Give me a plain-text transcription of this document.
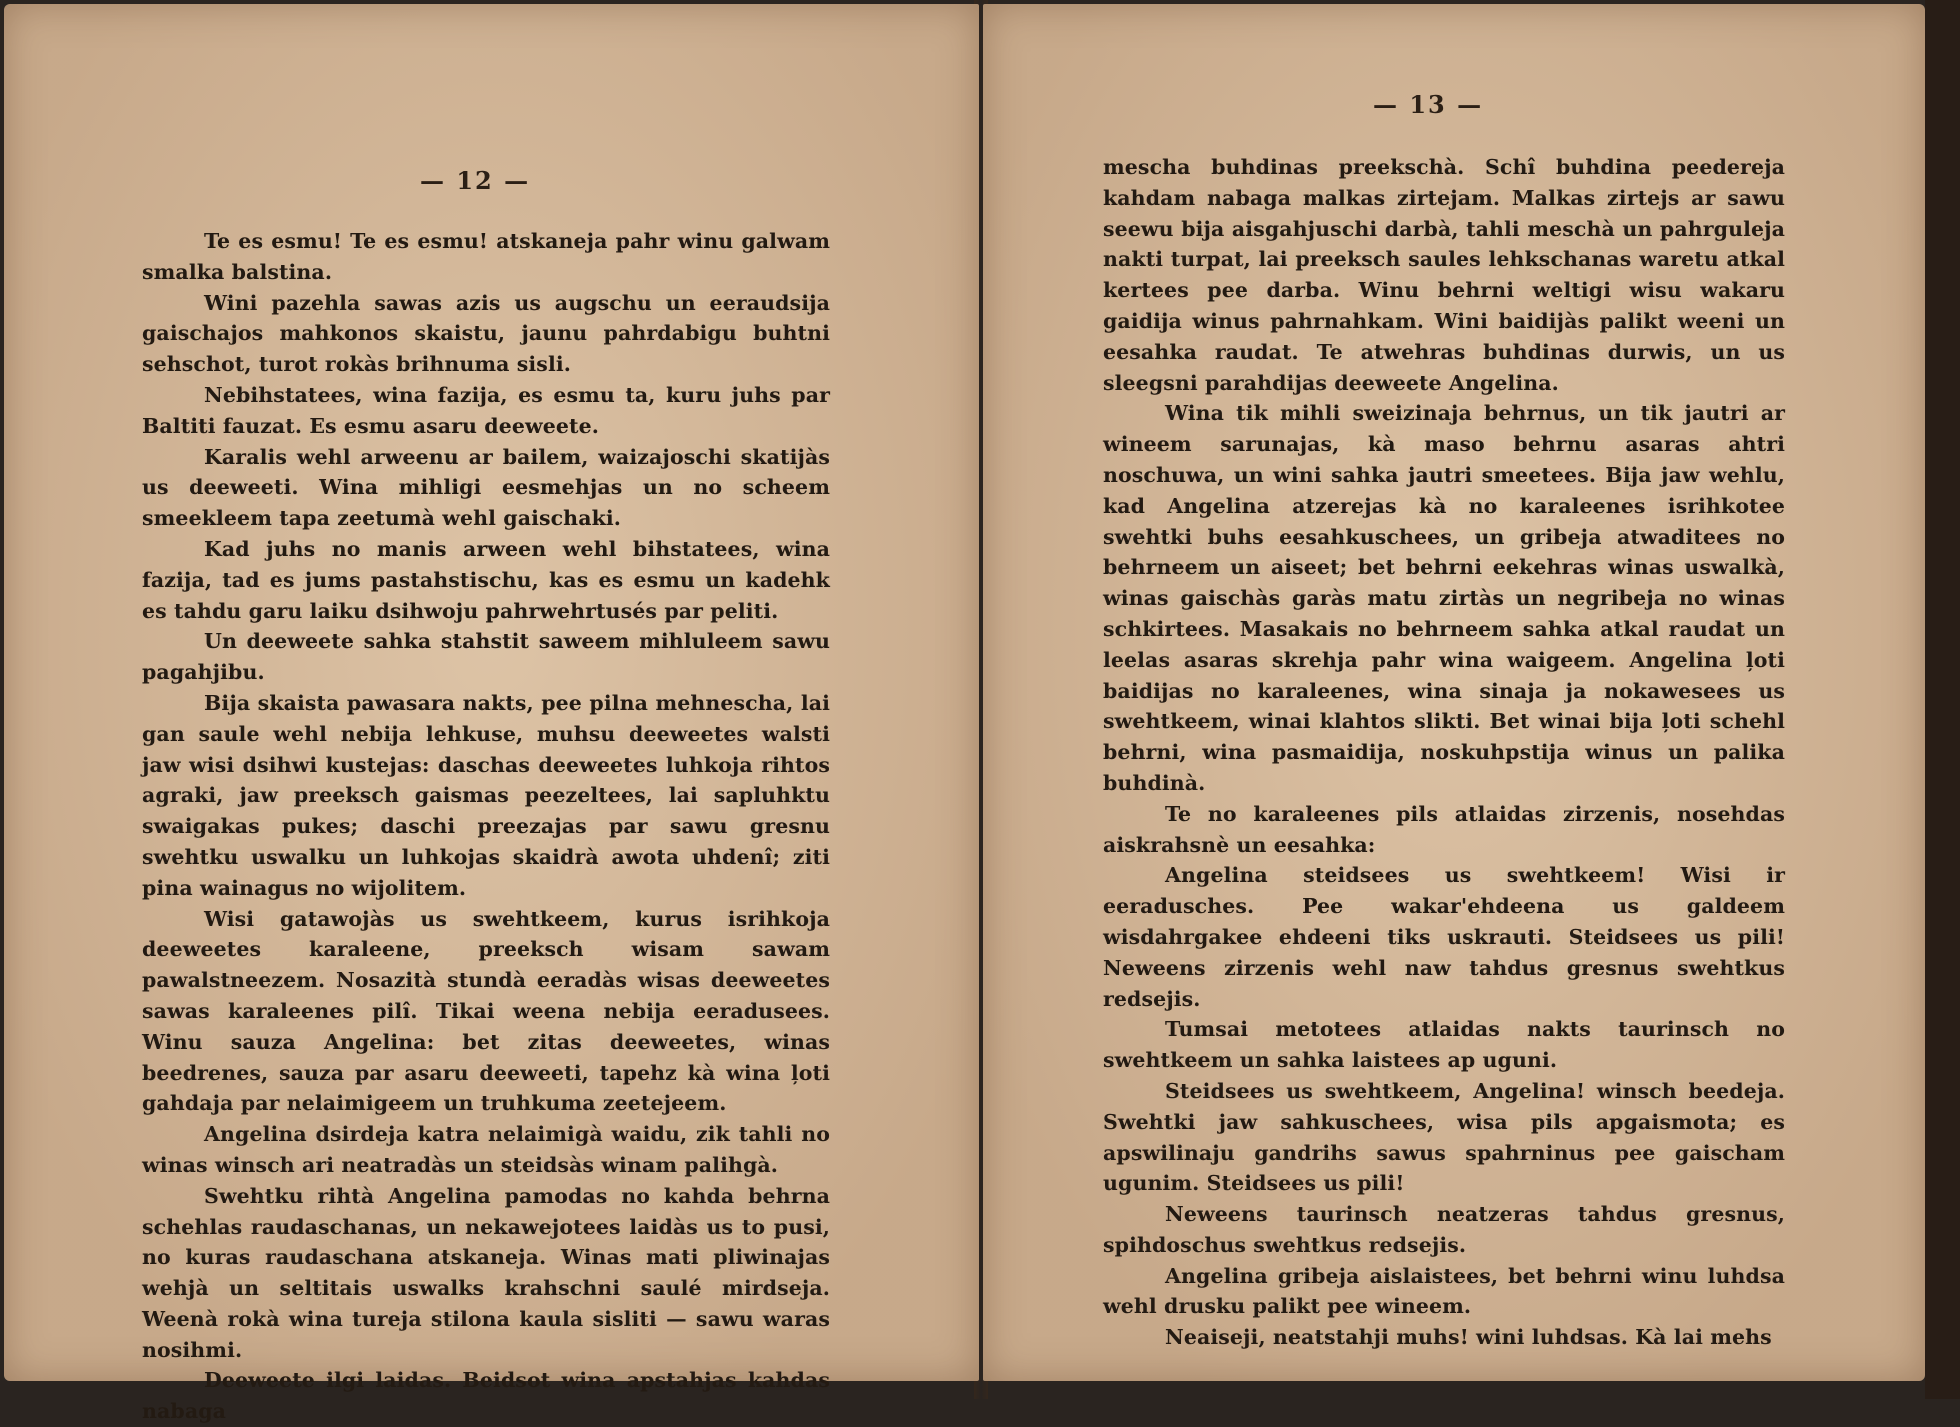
— 12 —

Te es esmu! Te es esmu! atskaneja pahr winu galwam smalka balstina.

Wini pazehla sawas azis us augschu un eeraudsija gaischajos mahkonos skaistu, jaunu pahrdabigu buhtni sehschot, turot rokàs brihnuma sisli.

Nebihstatees, wina fazija, es esmu ta, kuru juhs par Baltiti fauzat. Es esmu asaru deeweete.

Karalis wehl arweenu ar bailem, waizajoschi skatijàs us deeweeti. Wina mihligi eesmehjas un no scheem smeekleem tapa zeetumà wehl gaischaki.

Kad juhs no manis arween wehl bihstatees, wina fazija, tad es jums pastahstischu, kas es esmu un kadehk es tahdu garu laiku dsihwoju pahrwehrtusés par peliti.

Un deeweete sahka stahstit saweem mihluleem sawu pagahjibu.

Bija skaista pawasara nakts, pee pilna mehnescha, lai gan saule wehl nebija lehkuse, muhsu deeweetes walsti jaw wisi dsihwi kustejas: daschas deeweetes luhkoja rihtos agraki, jaw preeksch gaismas peezeltees, lai sapluhktu swaigakas pukes; daschi preezajas par sawu gresnu swehtku uswalku un luhkojas skaidrà awota uhdenî; ziti pina wainagus no wijolitem.

Wisi gatawojàs us swehtkeem, kurus isrihkoja deeweetes karaleene, preeksch wisam sawam pawalstneezem. Nosazità stundà eeradàs wisas deeweetes sawas karaleenes pilî. Tikai weena nebija eeradusees. Winu sauza Angelina: bet zitas deeweetes, winas beedrenes, sauza par asaru deeweeti, tapehz kà wina ļoti gahdaja par nelaimigeem un truhkuma zeetejeem.

Angelina dsirdeja katra nelaimigà waidu, zik tahli no winas winsch ari neatradàs un steidsàs winam palihgà.

Swehtku rihtà Angelina pamodas no kahda behrna schehlas raudaschanas, un nekawejotees laidàs us to pusi, no kuras raudaschana atskaneja. Winas mati pliwinajas wehjà un seltitais uswalks krahschni saulé mirdseja. Weenà rokà wina tureja stilona kaula sisliti — sawu waras nosihmi.

Deeweete ilgi laidas. Beidsot wina apstahjas kahdas nabaga

— 13 —

mescha buhdinas preekschà. Schî buhdina peedereja kahdam nabaga malkas zirtejam. Malkas zirtejs ar sawu seewu bija aisgahjuschi darbà, tahli meschà un pahrguleja nakti turpat, lai preeksch saules lehkschanas waretu atkal kertees pee darba. Winu behrni weltigi wisu wakaru gaidija winus pahrnahkam. Wini baidijàs palikt weeni un eesahka raudat. Te atwehras buhdinas durwis, un us sleegsni parahdijas deeweete Angelina.

Wina tik mihli sweizinaja behrnus, un tik jautri ar wineem sarunajas, kà maso behrnu asaras ahtri noschuwa, un wini sahka jautri smeetees. Bija jaw wehlu, kad Angelina atzerejas kà no karaleenes isrihkotee swehtki buhs eesahkuschees, un gribeja atwaditees no behrneem un aiseet; bet behrni eekehras winas uswalkà, winas gaischàs garàs matu zirtàs un negribeja no winas schkirtees. Masakais no behrneem sahka atkal raudat un leelas asaras skrehja pahr wina waigeem. Angelina ļoti baidijas no karaleenes, wina sinaja ja nokawesees us swehtkeem, winai klahtos slikti. Bet winai bija ļoti schehl behrni, wina pasmaidija, noskuhpstija winus un palika buhdinà.

Te no karaleenes pils atlaidas zirzenis, nosehdas aiskrahsnè un eesahka:

Angelina steidsees us swehtkeem! Wisi ir eeradusches. Pee wakar'ehdeena us galdeem wisdahrgakee ehdeeni tiks uskrauti. Steidsees us pili! Neweens zirzenis wehl naw tahdus gresnus swehtkus redsejis.

Tumsai metotees atlaidas nakts taurinsch no swehtkeem un sahka laistees ap uguni.

Steidsees us swehtkeem, Angelina! winsch beedeja. Swehtki jaw sahkuschees, wisa pils apgaismota; es apswilinaju gandrihs sawus spahrninus pee gaischam ugunim. Steidsees us pili!

Neweens taurinsch neatzeras tahdus gresnus, spihdoschus swehtkus redsejis.

Angelina gribeja aislaistees, bet behrni winu luhdsa wehl drusku palikt pee wineem.

Neaiseji, neatstahji muhs! wini luhdsas. Kà lai mehs
